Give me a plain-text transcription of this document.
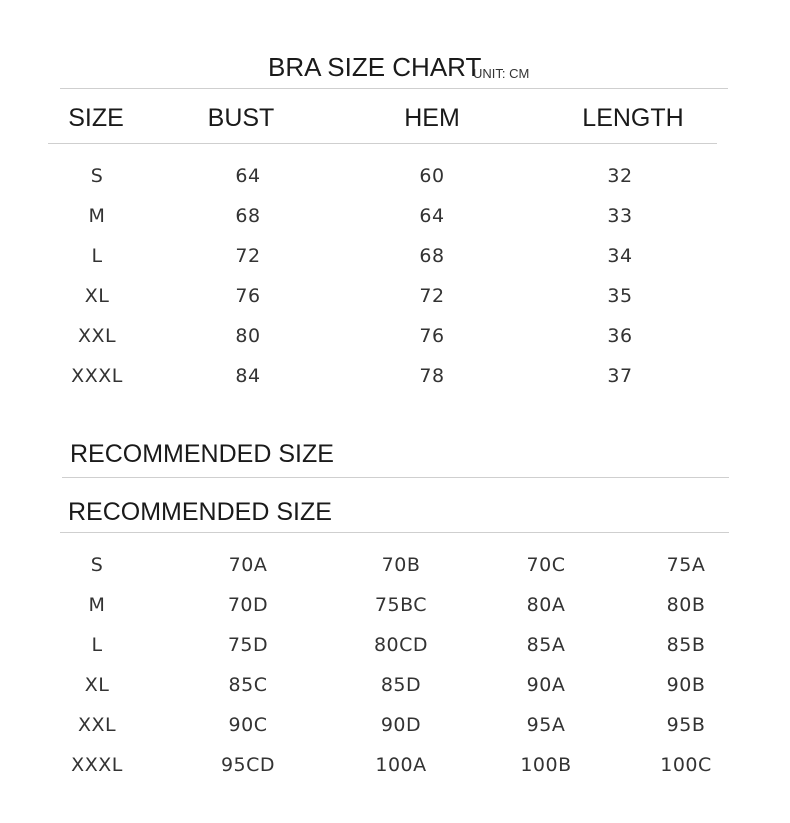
BRA SIZE CHART
UNIT: CM
SIZE	BUST	HEM	LENGTH
S	64	60	32
M	68	64	33
L	72	68	34
XL	76	72	35
XXL	80	76	36
XXXL	84	78	37
RECOMMENDED SIZE
RECOMMENDED SIZE
S	70A	70B	70C	75A
M	70D	75BC	80A	80B
L	75D	80CD	85A	85B
XL	85C	85D	90A	90B
XXL	90C	90D	95A	95B
XXXL	95CD	100A	100B	100C
